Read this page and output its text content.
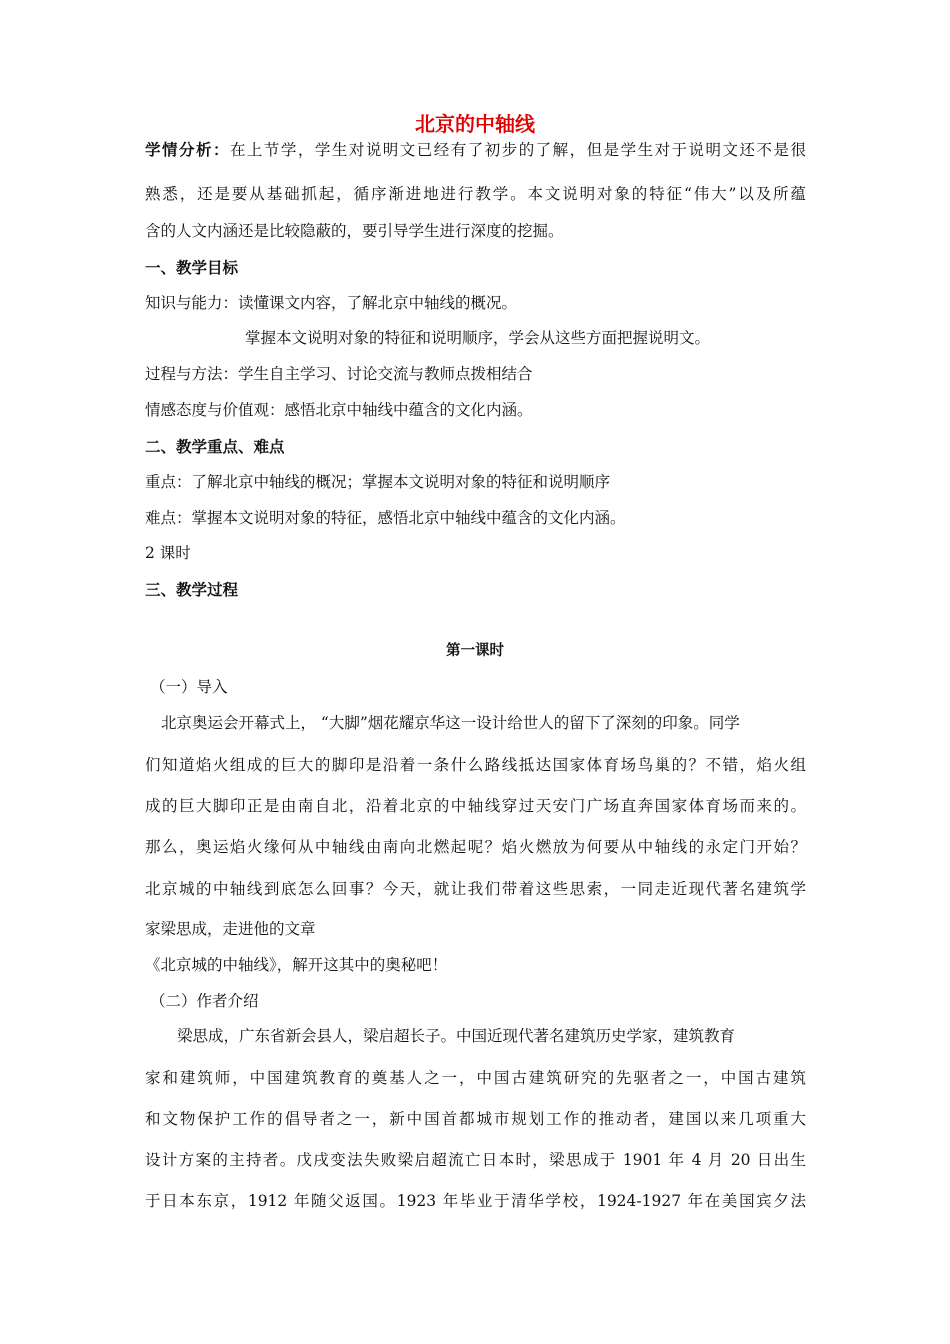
北京的中轴线
学情分析：在上节学，学生对说明文已经有了初步的了解，但是学生对于说明文还不是很
熟悉，还是要从基础抓起，循序渐进地进行教学。本文说明对象的特征“伟大”以及所蕴
含的人文内涵还是比较隐蔽的，要引导学生进行深度的挖掘。
一、教学目标
知识与能力：读懂课文内容，了解北京中轴线的概况。
掌握本文说明对象的特征和说明顺序，学会从这些方面把握说明文。
过程与方法：学生自主学习、讨论交流与教师点拨相结合
情感态度与价值观：感悟北京中轴线中蕴含的文化内涵。
二、教学重点、难点
重点：了解北京中轴线的概况；掌握本文说明对象的特征和说明顺序
难点：掌握本文说明对象的特征，感悟北京中轴线中蕴含的文化内涵。
2 课时
三、教学过程
第一课时
（一）导入
北京奥运会开幕式上， “大脚”烟花耀京华这一设计给世人的留下了深刻的印象。同学
们知道焰火组成的巨大的脚印是沿着一条什么路线抵达国家体育场鸟巢的？不错，焰火组
成的巨大脚印正是由南自北，沿着北京的中轴线穿过天安门广场直奔国家体育场而来的。
那么，奥运焰火缘何从中轴线由南向北燃起呢？焰火燃放为何要从中轴线的永定门开始？
北京城的中轴线到底怎么回事？今天，就让我们带着这些思索，一同走近现代著名建筑学
家梁思成，走进他的文章
《北京城的中轴线》，解开这其中的奥秘吧！
（二）作者介绍
梁思成，广东省新会县人，梁启超长子。中国近现代著名建筑历史学家，建筑教育
家和建筑师，中国建筑教育的奠基人之一，中国古建筑研究的先驱者之一，中国古建筑
和文物保护工作的倡导者之一，新中国首都城市规划工作的推动者，建国以来几项重大
设计方案的主持者。戊戌变法失败梁启超流亡日本时，梁思成于 1901 年 4 月 20 日出生
于日本东京，1912 年随父返国。1923 年毕业于清华学校，1924-1927 年在美国宾夕法
